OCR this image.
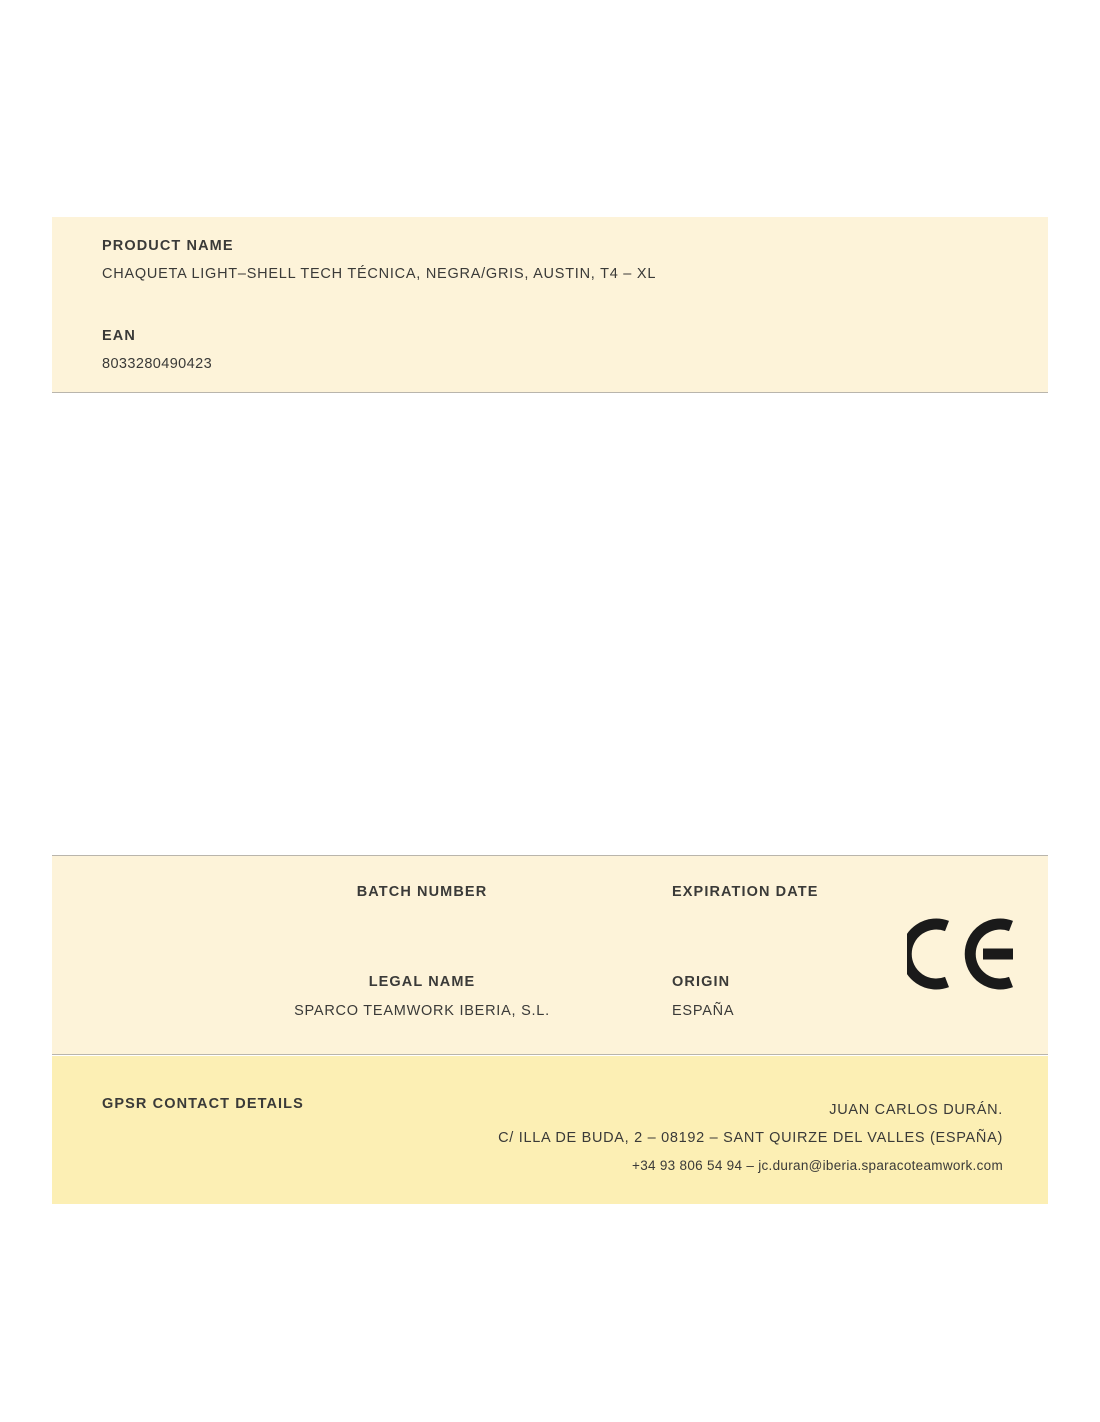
PRODUCT NAME
CHAQUETA LIGHT–SHELL TECH TÉCNICA, NEGRA/GRIS, AUSTIN, T4 – XL
EAN
8033280490423
BATCH NUMBER	EXPIRATION DATE
LEGAL NAME
SPARCO TEAMWORK IBERIA, S.L.
ORIGIN
ESPAÑA
GPSR CONTACT DETAILS	JUAN CARLOS DURÁN.
C/ ILLA DE BUDA, 2 – 08192 – SANT QUIRZE DEL VALLES (ESPAÑA)
+34 93 806 54 94 – jc.duran@iberia.sparacoteamwork.com
